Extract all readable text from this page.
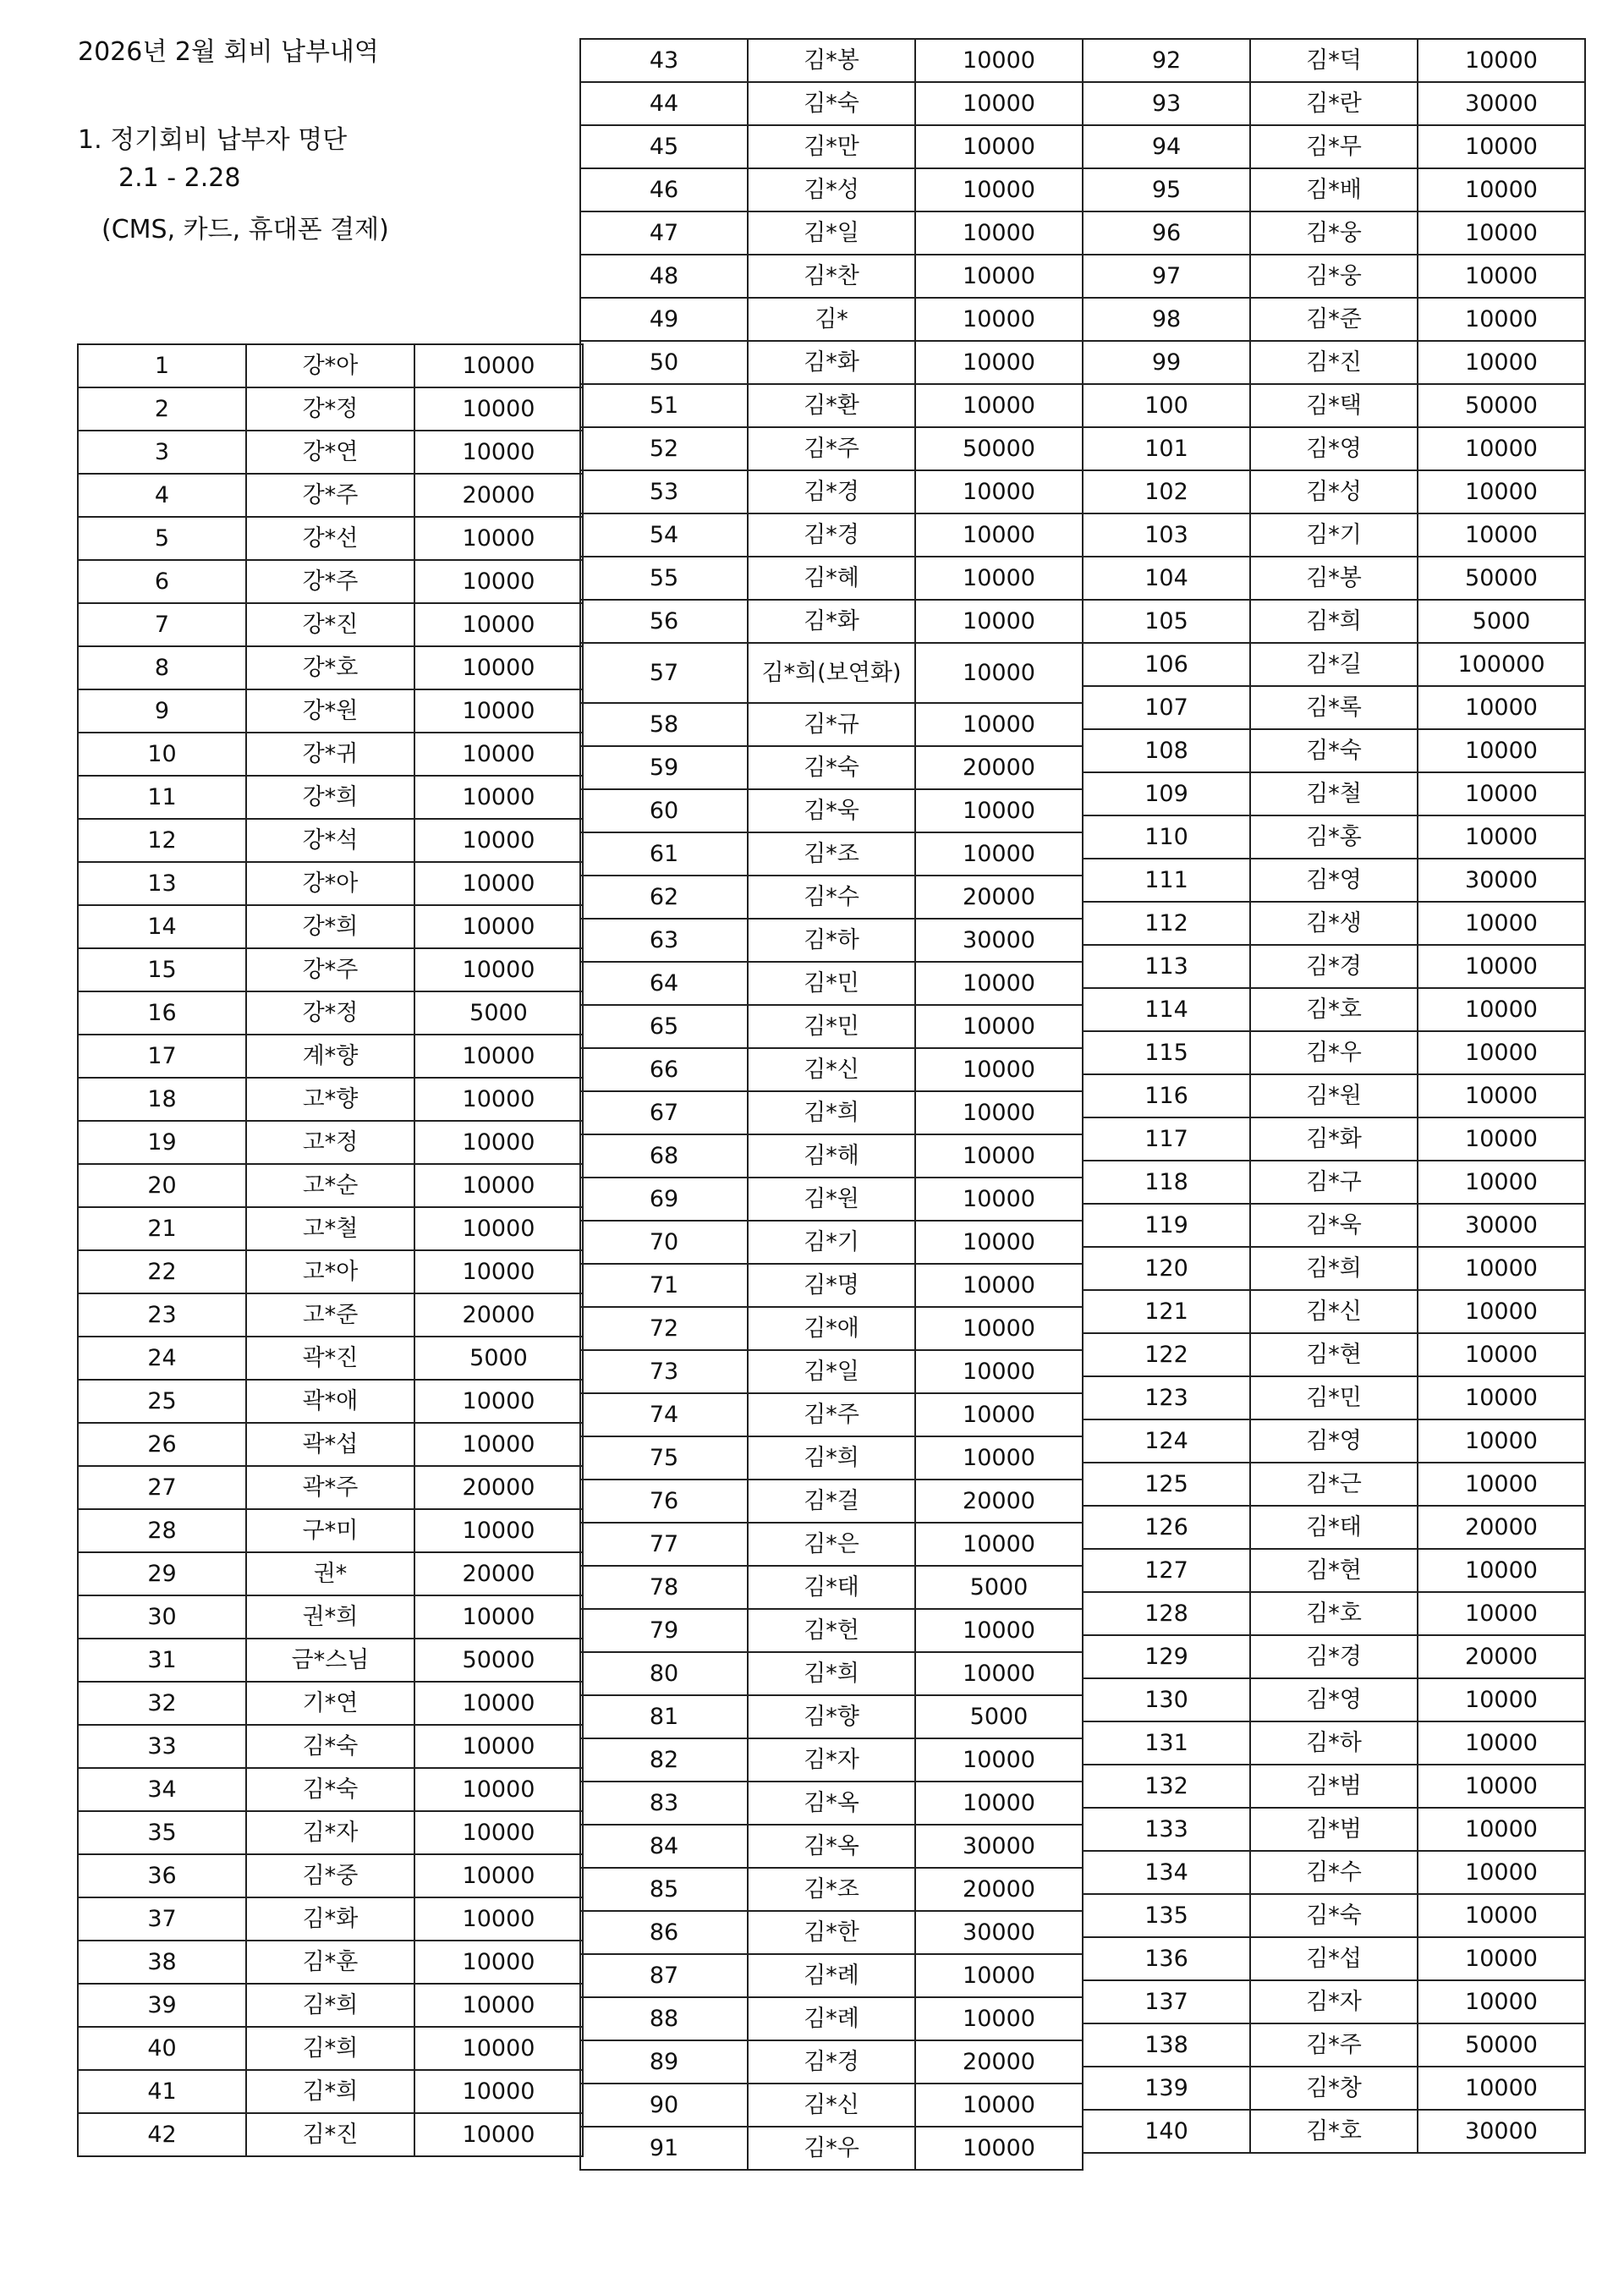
2026년 2월 회비 납부내역
1. 정기회비 납부자 명단
2.1 - 2.28
(CMS, 카드, 휴대폰 결제)
1	강*아	10000
2	강*정	10000
3	강*연	10000
4	강*주	20000
5	강*선	10000
6	강*주	10000
7	강*진	10000
8	강*호	10000
9	강*원	10000
10	강*귀	10000
11	강*희	10000
12	강*석	10000
13	강*아	10000
14	강*희	10000
15	강*주	10000
16	강*정	5000
17	계*향	10000
18	고*향	10000
19	고*정	10000
20	고*순	10000
21	고*철	10000
22	고*아	10000
23	고*준	20000
24	곽*진	5000
25	곽*애	10000
26	곽*섭	10000
27	곽*주	20000
28	구*미	10000
29	권*	20000
30	권*희	10000
31	금*스님	50000
32	기*연	10000
33	김*숙	10000
34	김*숙	10000
35	김*자	10000
36	김*중	10000
37	김*화	10000
38	김*훈	10000
39	김*희	10000
40	김*희	10000
41	김*희	10000
42	김*진	10000
43	김*봉	10000
44	김*숙	10000
45	김*만	10000
46	김*성	10000
47	김*일	10000
48	김*찬	10000
49	김*	10000
50	김*화	10000
51	김*환	10000
52	김*주	50000
53	김*경	10000
54	김*경	10000
55	김*혜	10000
56	김*화	10000
57	김*희(보연화)	10000
58	김*규	10000
59	김*숙	20000
60	김*욱	10000
61	김*조	10000
62	김*수	20000
63	김*하	30000
64	김*민	10000
65	김*민	10000
66	김*신	10000
67	김*희	10000
68	김*해	10000
69	김*원	10000
70	김*기	10000
71	김*명	10000
72	김*애	10000
73	김*일	10000
74	김*주	10000
75	김*희	10000
76	김*걸	20000
77	김*은	10000
78	김*태	5000
79	김*헌	10000
80	김*희	10000
81	김*향	5000
82	김*자	10000
83	김*옥	10000
84	김*옥	30000
85	김*조	20000
86	김*한	30000
87	김*례	10000
88	김*례	10000
89	김*경	20000
90	김*신	10000
91	김*우	10000
92	김*덕	10000
93	김*란	30000
94	김*무	10000
95	김*배	10000
96	김*웅	10000
97	김*웅	10000
98	김*준	10000
99	김*진	10000
100	김*택	50000
101	김*영	10000
102	김*성	10000
103	김*기	10000
104	김*봉	50000
105	김*희	5000
106	김*길	100000
107	김*록	10000
108	김*숙	10000
109	김*철	10000
110	김*홍	10000
111	김*영	30000
112	김*생	10000
113	김*경	10000
114	김*호	10000
115	김*우	10000
116	김*원	10000
117	김*화	10000
118	김*구	10000
119	김*욱	30000
120	김*희	10000
121	김*신	10000
122	김*현	10000
123	김*민	10000
124	김*영	10000
125	김*근	10000
126	김*태	20000
127	김*현	10000
128	김*호	10000
129	김*경	20000
130	김*영	10000
131	김*하	10000
132	김*범	10000
133	김*범	10000
134	김*수	10000
135	김*숙	10000
136	김*섭	10000
137	김*자	10000
138	김*주	50000
139	김*창	10000
140	김*호	30000
